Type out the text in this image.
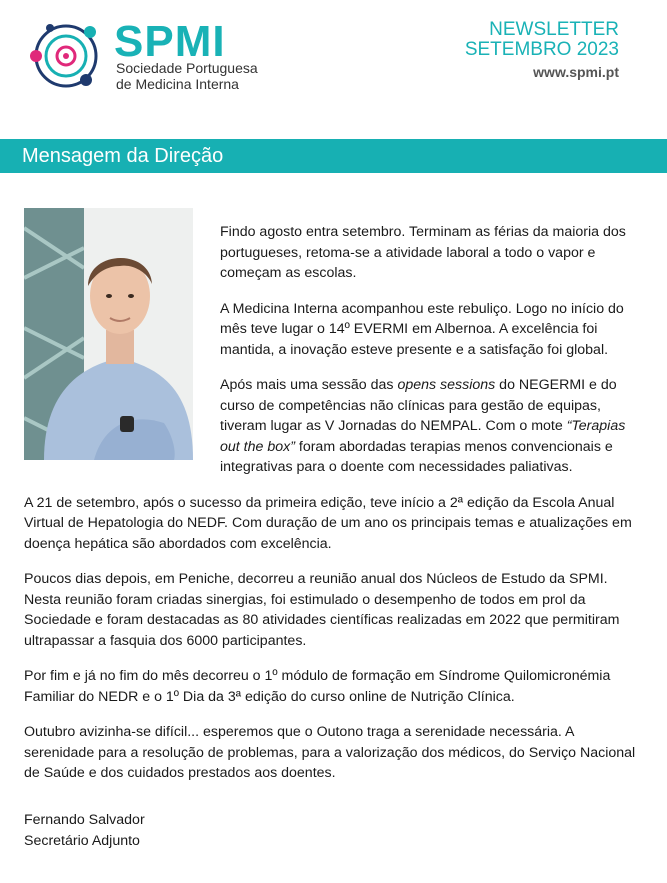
SPMI
Sociedade Portuguesa
de Medicina Interna
NEWSLETTER
SETEMBRO 2023
www.spmi.pt
Mensagem da Direção

Findo agosto entra setembro. Terminam as férias da maioria dos portugueses, retoma-se a atividade laboral a todo o vapor e começam as escolas.

A Medicina Interna acompanhou este rebuliço. Logo no início do mês teve lugar o 14º EVERMI em Albernoa. A excelência foi mantida, a inovação esteve presente e a satisfação foi global.

Após mais uma sessão das opens sessions do NEGERMI e do curso de competências não clínicas para gestão de equipas, tiveram lugar as V Jornadas do NEMPAL. Com o mote “Terapias out the box” foram abordadas terapias menos convencionais e integrativas para o doente com necessidades paliativas.

A 21 de setembro, após o sucesso da primeira edição, teve início a 2ª edição da Escola Anual Virtual de Hepatologia do NEDF. Com duração de um ano os principais temas e atualizações em doença hepática são abordados com excelência.

Poucos dias depois, em Peniche, decorreu a reunião anual dos Núcleos de Estudo da SPMI. Nesta reunião foram criadas sinergias, foi estimulado o desempenho de todos em prol da Sociedade e foram destacadas as 80 atividades científicas realizadas em 2022 que permitiram ultrapassar a fasquia dos 6000 participantes.

Por fim e já no fim do mês decorreu o 1º módulo de formação em Síndrome Quilomicronémia Familiar do NEDR e o 1º Dia da 3ª edição do curso online de Nutrição Clínica.

Outubro avizinha-se difícil... esperemos que o Outono traga a serenidade necessária. A serenidade para a resolução de problemas, para a valorização dos médicos, do Serviço Nacional de Saúde e dos cuidados prestados aos doentes.

Fernando Salvador
Secretário Adjunto
